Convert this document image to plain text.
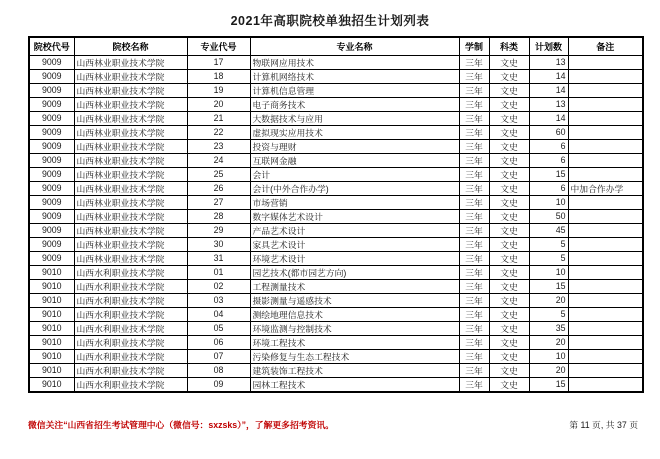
2021年高职院校单独招生计划列表
院校代号	院校名称	专业代号	专业名称	学制	科类	计划数	备注
9009	山西林业职业技术学院	17	物联网应用技术	三年	文史	13	
9009	山西林业职业技术学院	18	计算机网络技术	三年	文史	14	
9009	山西林业职业技术学院	19	计算机信息管理	三年	文史	14	
9009	山西林业职业技术学院	20	电子商务技术	三年	文史	13	
9009	山西林业职业技术学院	21	大数据技术与应用	三年	文史	14	
9009	山西林业职业技术学院	22	虚拟现实应用技术	三年	文史	60	
9009	山西林业职业技术学院	23	投资与理财	三年	文史	6	
9009	山西林业职业技术学院	24	互联网金融	三年	文史	6	
9009	山西林业职业技术学院	25	会计	三年	文史	15	
9009	山西林业职业技术学院	26	会计(中外合作办学)	三年	文史	6	中加合作办学
9009	山西林业职业技术学院	27	市场营销	三年	文史	10	
9009	山西林业职业技术学院	28	数字媒体艺术设计	三年	文史	50	
9009	山西林业职业技术学院	29	产品艺术设计	三年	文史	45	
9009	山西林业职业技术学院	30	家具艺术设计	三年	文史	5	
9009	山西林业职业技术学院	31	环境艺术设计	三年	文史	5	
9010	山西水利职业技术学院	01	园艺技术(都市园艺方向)	三年	文史	10	
9010	山西水利职业技术学院	02	工程测量技术	三年	文史	15	
9010	山西水利职业技术学院	03	摄影测量与遥感技术	三年	文史	20	
9010	山西水利职业技术学院	04	测绘地理信息技术	三年	文史	5	
9010	山西水利职业技术学院	05	环境监测与控制技术	三年	文史	35	
9010	山西水利职业技术学院	06	环境工程技术	三年	文史	20	
9010	山西水利职业技术学院	07	污染修复与生态工程技术	三年	文史	10	
9010	山西水利职业技术学院	08	建筑装饰工程技术	三年	文史	20	
9010	山西水利职业技术学院	09	园林工程技术	三年	文史	15	
微信关注“山西省招生考试管理中心（微信号：sxzsks）”，了解更多招考资讯。	第 11 页, 共 37 页
